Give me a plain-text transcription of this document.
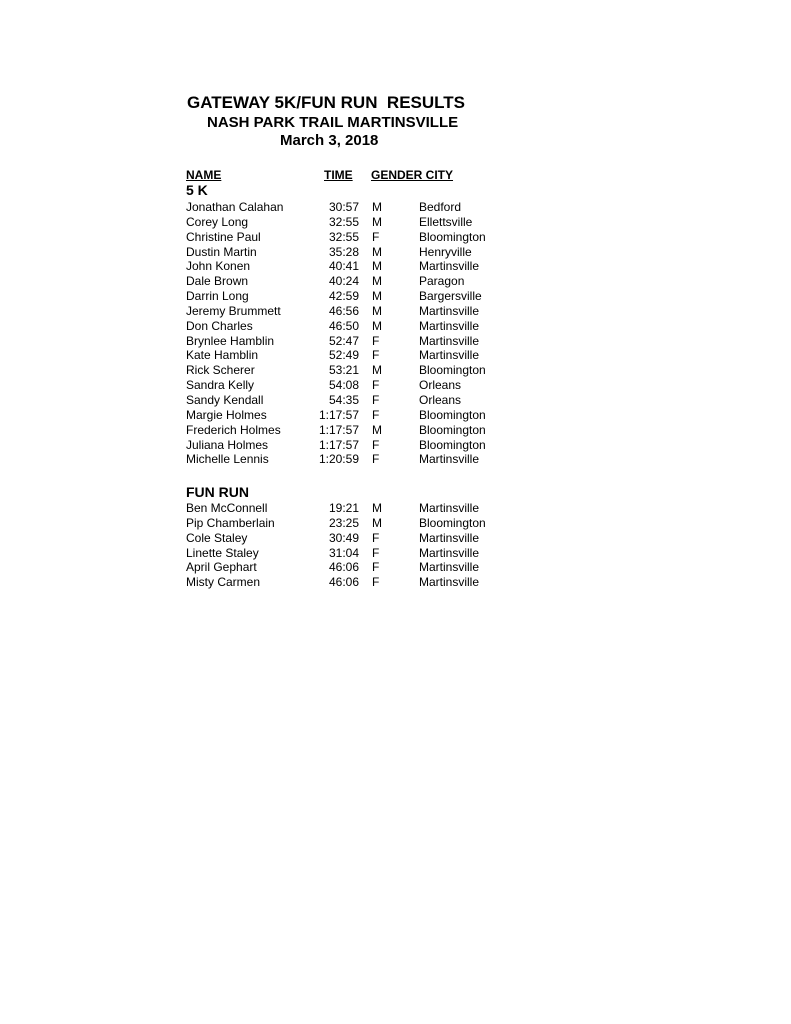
GATEWAY 5K/FUN RUN  RESULTS
NASH PARK TRAIL MARTINSVILLE
March 3, 2018
NAME	TIME GENDER CITY
5 K
Jonathan Calahan	30:57 M	Bedford
Corey Long	32:55 M	Ellettsville
Christine Paul	32:55 F	Bloomington
Dustin Martin	35:28 M	Henryville
John Konen	40:41 M	Martinsville
Dale Brown	40:24 M	Paragon
Darrin Long	42:59 M	Bargersville
Jeremy Brummett	46:56 M	Martinsville
Don Charles	46:50 M	Martinsville
Brynlee Hamblin	52:47 F	Martinsville
Kate Hamblin	52:49 F	Martinsville
Rick Scherer	53:21 M	Bloomington
Sandra Kelly	54:08 F	Orleans
Sandy Kendall	54:35 F	Orleans
Margie Holmes	1:17:57 F	Bloomington
Frederich Holmes	1:17:57 M	Bloomington
Juliana Holmes	1:17:57 F	Bloomington
Michelle Lennis	1:20:59 F	Martinsville
FUN RUN
Ben McConnell	19:21 M	Martinsville
Pip Chamberlain	23:25 M	Bloomington
Cole Staley	30:49 F	Martinsville
Linette Staley	31:04 F	Martinsville
April Gephart	46:06 F	Martinsville
Misty Carmen	46:06 F	Martinsville
